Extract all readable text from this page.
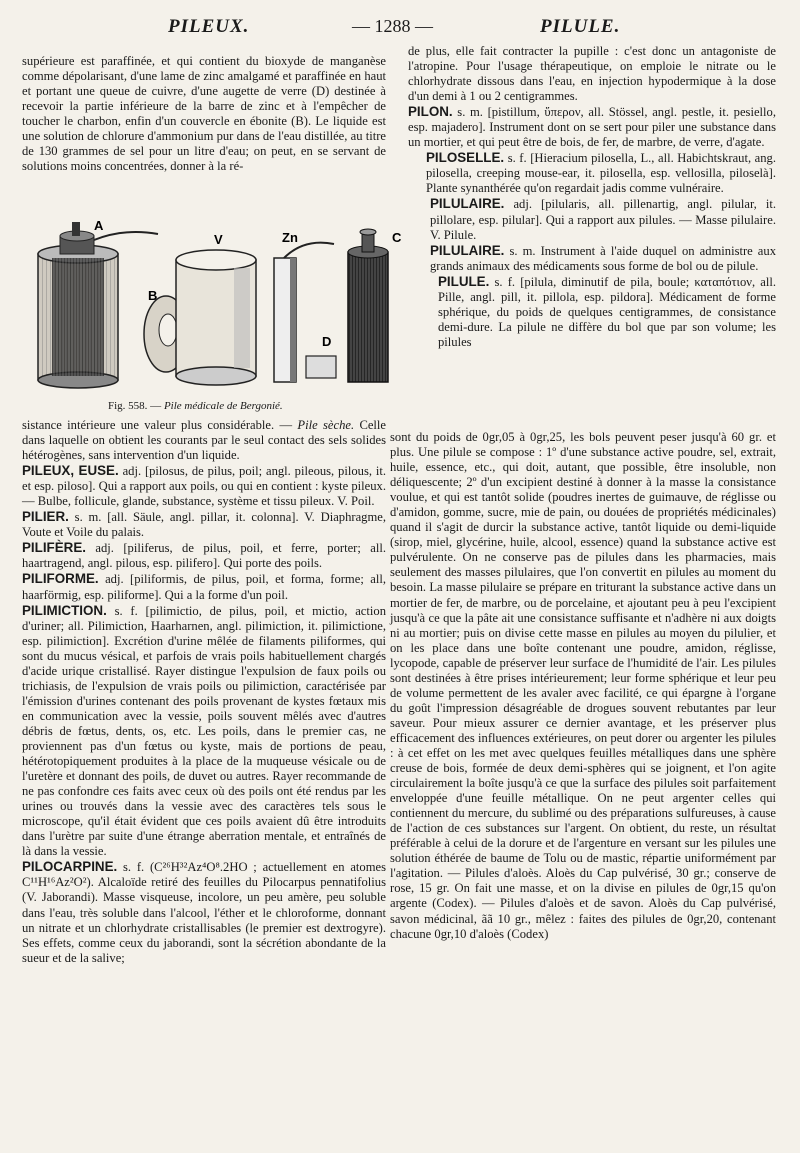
PILEUX.	— 1288 —	PILULE.

supérieure est paraffinée, et qui contient du bioxyde de manganèse comme dépolarisant, d'une lame de zinc amalgamé et paraffinée en haut et portant une queue de cuivre, d'une augette de verre (D) destinée à recevoir la partie inférieure de la barre de zinc et à l'empêcher de toucher le charbon, enfin d'un couvercle en ébonite (B). Le liquide est une solution de chlorure d'ammonium pur dans de l'eau distillée, au titre de 130 grammes de sel pour un litre d'eau; on peut, en se servant de solutions moins concentrées, donner à la ré-

A
V	Zn	C
B
D
Fig. 558. — Pile médicale de Bergonié.

sistance intérieure une valeur plus considérable. — Pile sèche. Celle dans laquelle on obtient les courants par le seul contact des sels solides hétérogènes, sans intervention d'un liquide.

PILEUX, EUSE. adj. [pilosus, de pilus, poil; angl. pileous, pilous, it. et esp. piloso]. Qui a rapport aux poils, ou qui en contient : kyste pileux. — Bulbe, follicule, glande, substance, système et tissu pileux. V. Poil.

PILIER. s. m. [all. Säule, angl. pillar, it. colonna]. V. Diaphragme, Voute et Voile du palais.

PILIFÈRE. adj. [piliferus, de pilus, poil, et ferre, porter; all. haartragend, angl. pilous, esp. pilifero]. Qui porte des poils.

PILIFORME. adj. [piliformis, de pilus, poil, et forma, forme; all, haarförmig, esp. piliforme]. Qui a la forme d'un poil.

PILIMICTION. s. f. [pilimictio, de pilus, poil, et mictio, action d'uriner; all. Pilimiction, Haarharnen, angl. pilimiction, it. pilimictione, esp. pilimiction]. Excrétion d'urine mêlée de filaments piliformes, qui sont du mucus vésical, et parfois de vrais poils habituellement chargés d'acide urique cristallisé. Rayer distingue l'expulsion de faux poils ou trichiasis, de l'expulsion de vrais poils ou pilimiction, caractérisée par l'émission d'urines contenant des poils provenant de kystes fœtaux mis en communication avec la vessie, poils souvent mêlés avec d'autres débris de fœtus, dents, os, etc. Les poils, dans le premier cas, ne proviennent pas d'un fœtus ou kyste, mais de portions de peau, hétérotopiquement produites à la place de la muqueuse vésicale ou de l'uretère et donnant des poils, de duvet ou autres. Rayer recommande de ne pas confondre ces faits avec ceux où des poils ont été rendus par les urines ou trouvés dans la vessie avec des caractères tels sous le microscope, qu'il était évident que ces poils avaient dû être introduits dans l'urètre par suite d'une étrange aberration mentale, et entraînés de là dans la vessie.

PILOCARPINE. s. f. (C²⁶H³²Az⁴O⁸.2HO ; actuellement en atomes C¹¹H¹⁶Az²O²). Alcaloïde retiré des feuilles du Pilocarpus pennatifolius (V. Jaborandi). Masse visqueuse, incolore, un peu amère, peu soluble dans l'eau, très soluble dans l'alcool, l'éther et le chloroforme, donnant un nitrate et un chlorhydrate cristallisables (le premier est dextrogyre). Ses effets, comme ceux du jaborandi, sont la sécrétion abondante de la sueur et de la salive;

de plus, elle fait contracter la pupille : c'est donc un antagoniste de l'atropine. Pour l'usage thérapeutique, on emploie le nitrate ou le chlorhydrate dissous dans l'eau, en injection hypodermique à la dose d'un demi à 1 ou 2 centigrammes.

PILON. s. m. [pistillum, ὕπερον, all. Stössel, angl. pestle, it. pesiello, esp. majadero]. Instrument dont on se sert pour piler une substance dans un mortier, et qui peut être de bois, de fer, de marbre, de verre, d'agate.

PILOSELLE. s. f. [Hieracium pilosella, L., all. Habichtskraut, ang. pilosella, creeping mouse-ear, it. pilosella, esp. vellosilla, piloselà]. Plante synanthérée qu'on regardait jadis comme vulnéraire.

PILULAIRE. adj. [pilularis, all. pillenartig, angl. pilular, it. pillolare, esp. pilular]. Qui a rapport aux pilules. — Masse pilulaire. V. Pilule.

PILULAIRE. s. m. Instrument à l'aide duquel on administre aux grands animaux des médicaments sous forme de bol ou de pilule.

PILULE. s. f. [pilula, diminutif de pila, boule; καταπότιον, all. Pille, angl. pill, it. pillola, esp. pildora]. Médicament de forme sphérique, du poids de quelques centigrammes, de consistance demi-dure. La pilule ne diffère du bol que par son volume; les pilules

sont du poids de 0gr,05 à 0gr,25, les bols peuvent peser jusqu'à 60 gr. et plus. Une pilule se compose : 1º d'une substance active poudre, sel, extrait, huile, essence, etc., qui doit, autant, que possible, être insoluble, non déliquescente; 2º d'un excipient destiné à donner à la masse la consistance voulue, et qui est tantôt solide (poudres inertes de guimauve, de réglisse ou d'amidon, gomme, sucre, mie de pain, ou douées de propriétés médicinales) quand il s'agit de durcir la substance active, tantôt liquide ou demi-liquide (sirop, miel, glycérine, huile, alcool, essence) quand la substance active est pulvérulente. On ne conserve pas de pilules dans les pharmacies, mais seulement des masses pilulaires, que l'on convertit en pilules au moment du besoin. La masse pilulaire se prépare en triturant la substance active dans un mortier de fer, de marbre, ou de porcelaine, et ajoutant peu à peu l'excipient jusqu'à ce que la pâte ait une consistance suffisante et n'adhère ni aux doigts ni au mortier; puis on divise cette masse en pilules au moyen du pilulier, et on les place dans une boîte contenant une poudre, amidon, réglisse, lycopode, capable de préserver leur surface de l'humidité de l'air. Les pilules sont destinées à être prises intérieurement; leur forme sphérique et leur peu de volume permettent de les avaler avec facilité, ce qui épargne à l'organe du goût l'impression désagréable de drogues souvent rebutantes par leur saveur. Pour mieux assurer ce dernier avantage, et les préserver plus efficacement des influences extérieures, on peut dorer ou argenter les pilules : à cet effet on les met avec quelques feuilles métalliques dans une sphère creuse de bois, formée de deux demi-sphères qui se joignent, et l'on agite circulairement la boîte jusqu'à ce que la surface des pilules soit parfaitement enveloppée d'une feuille métallique. On ne peut argenter celles qui contiennent du mercure, du sublimé ou des préparations sulfureuses, à cause de l'action de ces substances sur l'argent. On obtient, du reste, un résultat préférable à celui de la dorure et de l'argenture en versant sur les pilules une solution éthérée de baume de Tolu ou de mastic, répartie uniformément par l'agitation. — Pilules d'aloès. Aloès du Cap pulvérisé, 30 gr.; conserve de rose, 15 gr. On fait une masse, et on la divise en pilules de 0gr,15 qu'on argente (Codex). — Pilules d'aloès et de savon. Aloès du Cap pulvérisé, savon médicinal, ãã 10 gr., mêlez : faites des pilules de 0gr,20, contenant chacune 0gr,10 d'aloès (Codex)
